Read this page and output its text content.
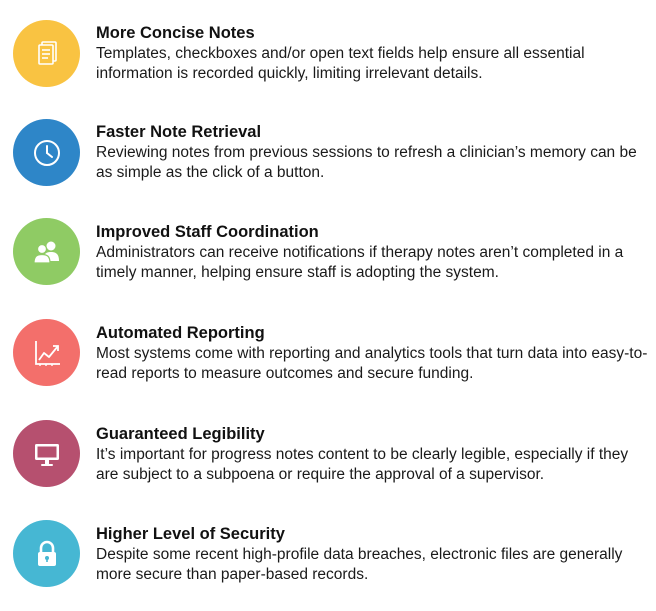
More Concise Notes

Templates, checkboxes and/or open text fields help ensure all essential information is recorded quickly, limiting irrelevant details.

Faster Note Retrieval

Reviewing notes from previous sessions to refresh a clinician’s memory can be as simple as the click of a button.

Improved Staff Coordination

Administrators can receive notifications if therapy notes aren’t completed in a timely manner, helping ensure staff is adopting the system.

Automated Reporting

Most systems come with reporting and analytics tools that turn data into easy-to-read reports to measure outcomes and secure funding.

Guaranteed Legibility

It’s important for progress notes content to be clearly legible, especially if they are subject to a subpoena or require the approval of a supervisor.

Higher Level of Security

Despite some recent high-profile data breaches, electronic files are generally more secure than paper-based records.
